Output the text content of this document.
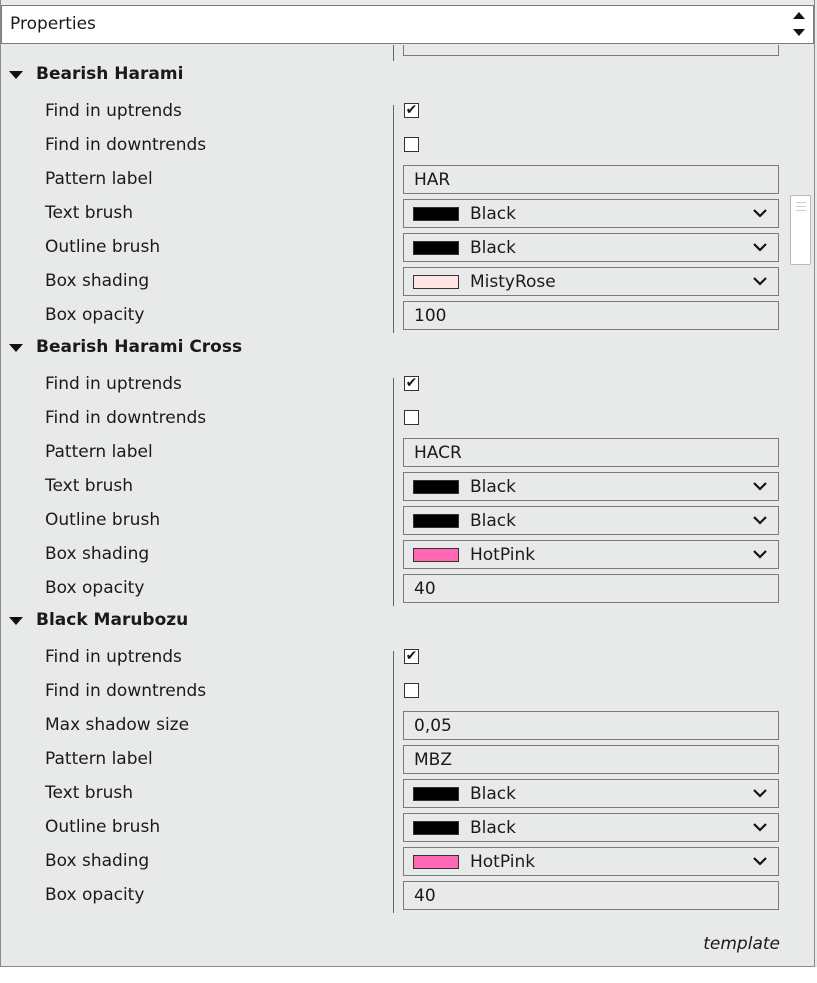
Properties
Bearish Harami
Find in uptrends	✔
Find in downtrends
Pattern label	HAR
Text brush	Black
Outline brush	Black
Box shading	MistyRose
Box opacity	100
Bearish Harami Cross
Find in uptrends	✔
Find in downtrends
Pattern label	HACR
Text brush	Black
Outline brush	Black
Box shading	HotPink
Box opacity	40
Black Marubozu
Find in uptrends	✔
Find in downtrends
Max shadow size	0,05
Pattern label	MBZ
Text brush	Black
Outline brush	Black
Box shading	HotPink
Box opacity	40
template
